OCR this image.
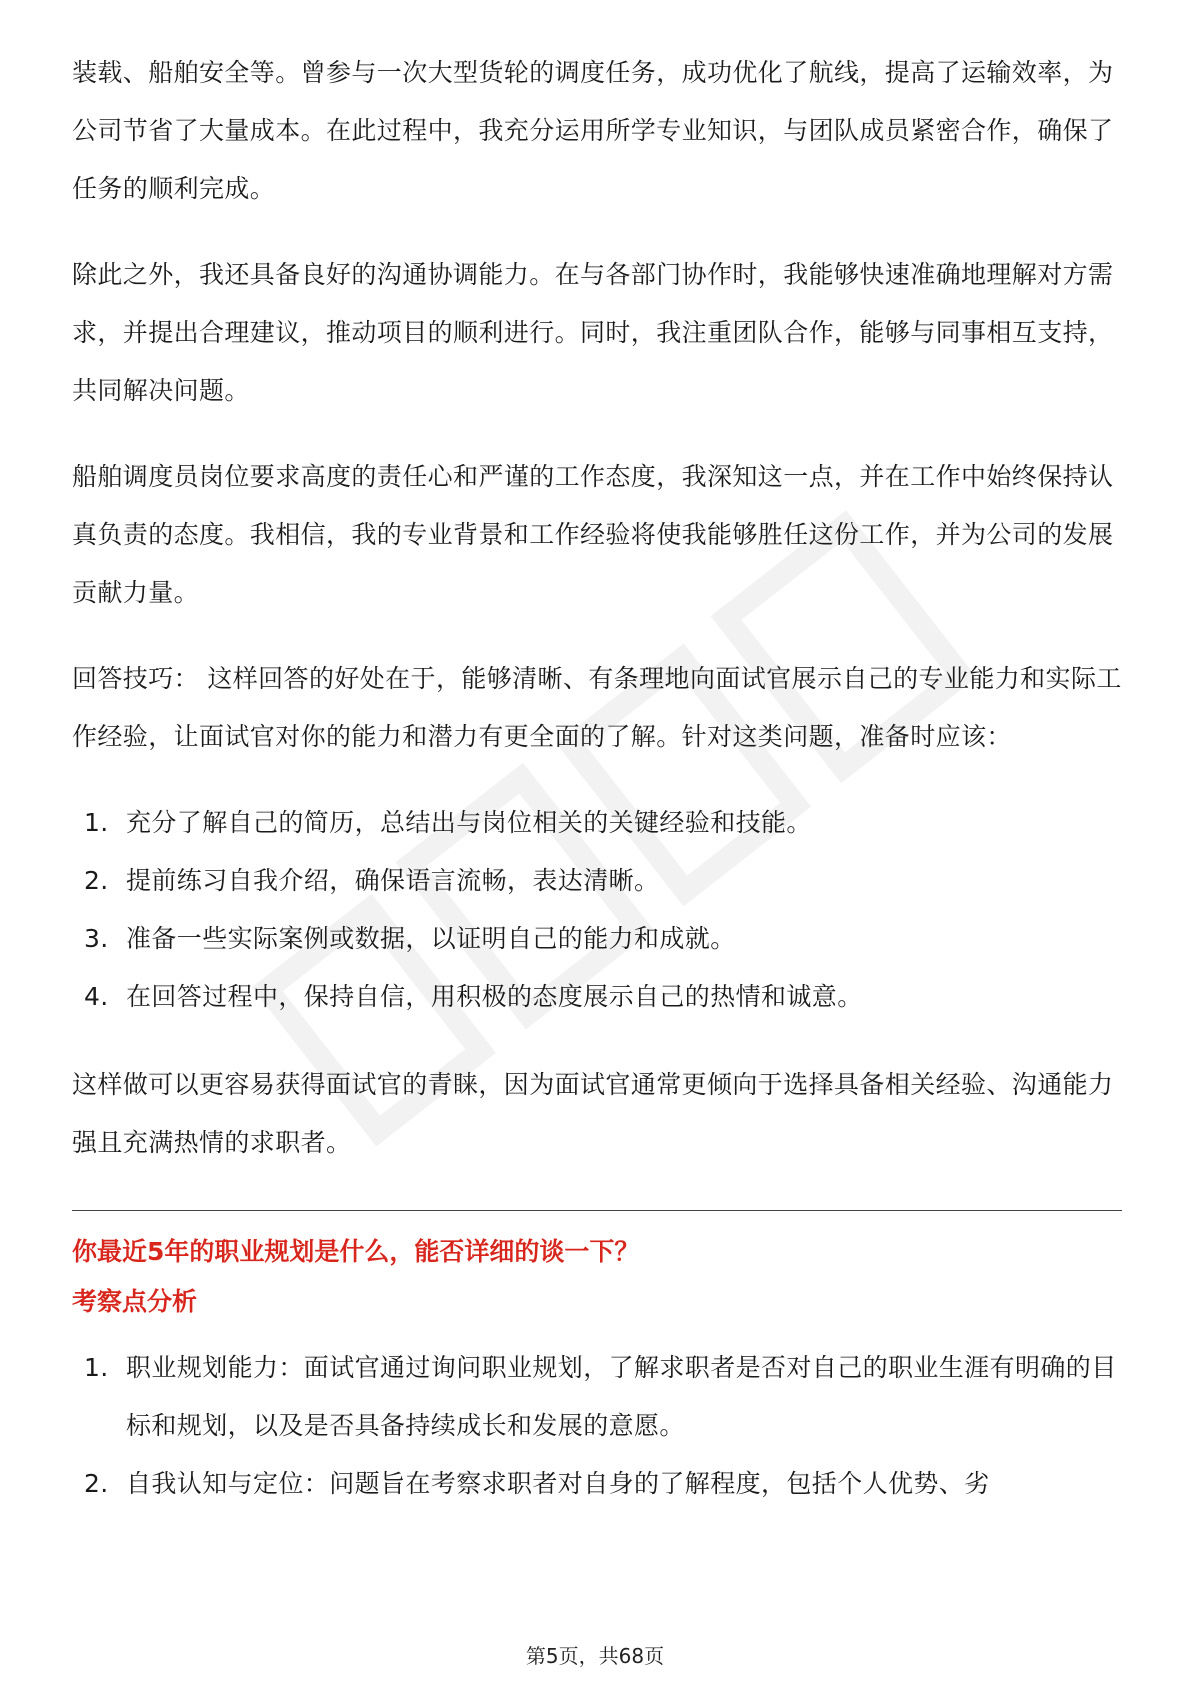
装载、船舶安全等。曾参与一次大型货轮的调度任务，成功优化了航线，提高了运输效率，为公司节省了大量成本。在此过程中，我充分运用所学专业知识，与团队成员紧密合作，确保了任务的顺利完成。

除此之外，我还具备良好的沟通协调能力。在与各部门协作时，我能够快速准确地理解对方需求，并提出合理建议，推动项目的顺利进行。同时，我注重团队合作，能够与同事相互支持，共同解决问题。

船舶调度员岗位要求高度的责任心和严谨的工作态度，我深知这一点，并在工作中始终保持认真负责的态度。我相信，我的专业背景和工作经验将使我能够胜任这份工作，并为公司的发展贡献力量。

回答技巧： 这样回答的好处在于，能够清晰、有条理地向面试官展示自己的专业能力和实际工作经验，让面试官对你的能力和潜力有更全面的了解。针对这类问题，准备时应该：

1. 充分了解自己的简历，总结出与岗位相关的关键经验和技能。
2. 提前练习自我介绍，确保语言流畅，表达清晰。
3. 准备一些实际案例或数据，以证明自己的能力和成就。
4. 在回答过程中，保持自信，用积极的态度展示自己的热情和诚意。

这样做可以更容易获得面试官的青睐，因为面试官通常更倾向于选择具备相关经验、沟通能力强且充满热情的求职者。

你最近5年的职业规划是什么，能否详细的谈一下？

考察点分析

1. 职业规划能力：面试官通过询问职业规划，了解求职者是否对自己的职业生涯有明确的目标和规划，以及是否具备持续成长和发展的意愿。
2. 自我认知与定位：问题旨在考察求职者对自身的了解程度，包括个人优势、劣
第5页，共68页
